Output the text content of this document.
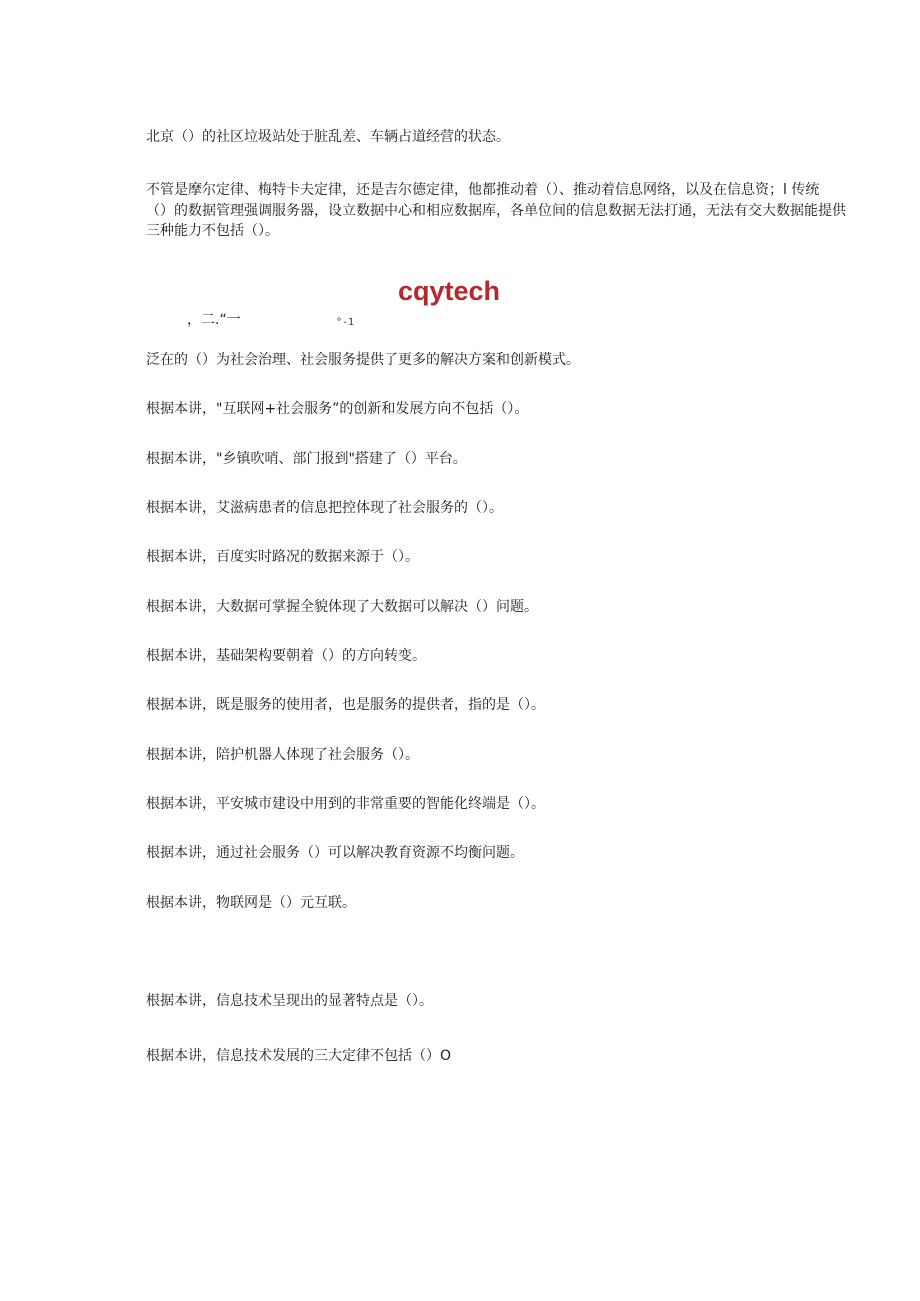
北京（）的社区垃圾站处于脏乱差、车辆占道经营的状态。
不管是摩尔定律、梅特卡夫定律，还是吉尔德定律，他都推动着（）、推动着信息网络，以及在信息资；l 传统
（）的数据管理强调服务器，设立数据中心和相应数据库，各单位间的信息数据无法打通，无法有交大数据能提供
三种能力不包括（）。
cqytech
，二.“一	°-1
泛在的（）为社会治理、社会服务提供了更多的解决方案和创新模式。
根据本讲，"互联网+社会服务”的创新和发展方向不包括（）。
根据本讲，"乡镇吹哨、部门报到"搭建了（）平台。
根据本讲，艾滋病患者的信息把控体现了社会服务的（）。
根据本讲，百度实时路况的数据来源于（）。
根据本讲，大数据可掌握全貌体现了大数据可以解决（）问题。
根据本讲，基础架构要朝着（）的方向转变。
根据本讲，既是服务的使用者，也是服务的提供者，指的是（）。
根据本讲，陪护机器人体现了社会服务（）。
根据本讲，平安城市建设中用到的非常重要的智能化终端是（）。
根据本讲，通过社会服务（）可以解决教育资源不均衡问题。
根据本讲，物联网是（）元互联。
根据本讲，信息技术呈现出的显著特点是（）。
根据本讲，信息技术发展的三大定律不包括（）O
